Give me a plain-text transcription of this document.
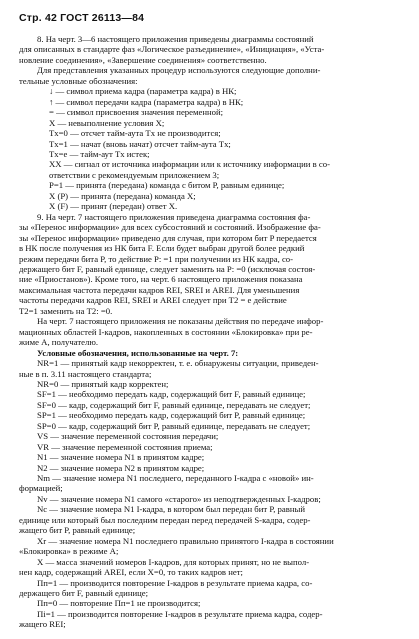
Стр. 42 ГОСТ 26113—84
8. На черт. 3—6 настоящего приложения приведены диаграммы состояний
для описанных в стандарте фаз «Логическое разъединение», «Инициация», «Уста-
новление соединения», «Завершение соединения» соответственно.
Для представления указанных процедур используются следующие дополни-
тельные условные обозначения:
↓ — символ приема кадра (параметра кадра) в НК;
↑ — символ передачи кадра (параметра кадра) в НК;
= — символ присвоения значения переменной;
X — невыполнение условия X;
Tx=0 — отсчет тайм-аута Tx не производится;
Tx=1 — начат (вновь начат) отсчет тайм-аута Tx;
Tx=e — тайм-аут Tx истек;
XX — сигнал от источника информации или к источнику информации в со-
ответствии с рекомендуемым приложением 3;
P=1 — принята (передана) команда с битом P, равным единице;
X (P) — принята (передана) команда X;
X (F) — принят (передан) ответ X.
9. На черт. 7 настоящего приложения приведена диаграмма состояния фа-
зы «Перенос информации» для всех субсостояний и состояний. Изображение фа-
зы «Перенос информации» приведено для случая, при котором бит P передается
в НК после получения из НК бита F. Если будет выбран другой более редкий
режим передачи бита P, то действие P: =1 при получении из НК кадра, со-
держащего бит F, равный единице, следует заменить на P: =0 (исключая состоя-
ние «Приостанов»). Кроме того, на черт. 6 настоящего приложения показана
максимальная частота передачи кадров REI, SREI и AREI. Для уменьшения
частоты передачи кадров REI, SREI и AREI следует при T2 = e действие
T2=1 заменить на T2: =0.
На черт. 7 настоящего приложения не показаны действия по передаче инфор-
мационных областей I-кадров, накопленных в состоянии «Блокировка» при ре-
жиме A, получателю.
Условные обозначения, использованные на черт. 7:
NR=1 — принятый кадр некорректен, т. е. обнаружены ситуации, приведен-
ные в п. 3.11 настоящего стандарта;
NR=0 — принятый кадр корректен;
SF=1 — необходимо передать кадр, содержащий бит F, равный единице;
SF=0 — кадр, содержащий бит F, равный единице, передавать не следует;
SP=1 — необходимо передать кадр, содержащий бит P, равный единице;
SP=0 — кадр, содержащий бит P, равный единице, передавать не следует;
VS — значение переменной состояния передачи;
VR — значение переменной состояния приема;
N1 — значение номера N1 в принятом кадре;
N2 — значение номера N2 в принятом кадре;
Nm — значение номера N1 последнего, переданного I-кадра с «новой» ин-
формацией;
Nv — значение номера N1 самого «старого» из неподтвержденных I-кадров;
Nc — значение номера N1 I-кадра, в котором был передан бит P, равный
единице или который был последним передан перед передачей S-кадра, содер-
жащего бит P, равный единице;
Xr — значение номера N1 последнего правильно принятого I-кадра в состоянии
«Блокировка» в режиме A;
X — масса значений номеров I-кадров, для которых принят, но не выпол-
нен кадр, содержащий AREI, если X=0, то таких кадров нет;
Пп=1 — производится повторение I-кадров в результате приема кадра, со-
держащего бит F, равный единице;
Пп=0 — повторение Пп=1 не производится;
Пi=1 — производится повторение I-кадров в результате приема кадра, содер-
жащего REI;
